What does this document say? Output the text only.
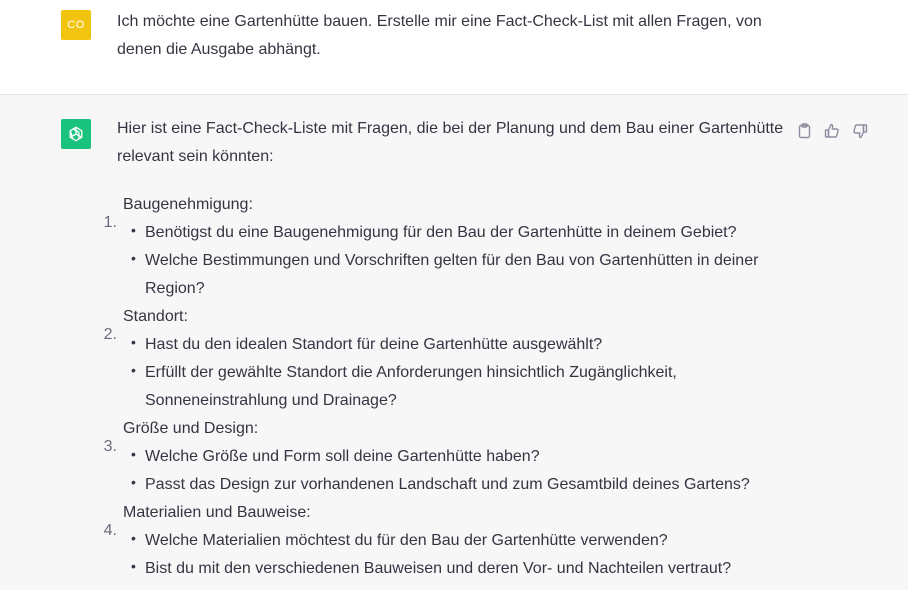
CO Ich möchte eine Gartenhütte bauen. Erstelle mir eine Fact-Check-List mit allen Fragen, von denen die Ausgabe abhängt.

Hier ist eine Fact-Check-Liste mit Fragen, die bei der Planung und dem Bau einer Gartenhütte relevant sein könnten:

1.
Baugenehmigung:
• Benötigst du eine Baugenehmigung für den Bau der Gartenhütte in deinem Gebiet?
• Welche Bestimmungen und Vorschriften gelten für den Bau von Gartenhütten in deiner Region?
2.
Standort:
• Hast du den idealen Standort für deine Gartenhütte ausgewählt?
• Erfüllt der gewählte Standort die Anforderungen hinsichtlich Zugänglichkeit, Sonneneinstrahlung und Drainage?
3.
Größe und Design:
• Welche Größe und Form soll deine Gartenhütte haben?
• Passt das Design zur vorhandenen Landschaft und zum Gesamtbild deines Gartens?
4.
Materialien und Bauweise:
• Welche Materialien möchtest du für den Bau der Gartenhütte verwenden?
• Bist du mit den verschiedenen Bauweisen und deren Vor- und Nachteilen vertraut?
